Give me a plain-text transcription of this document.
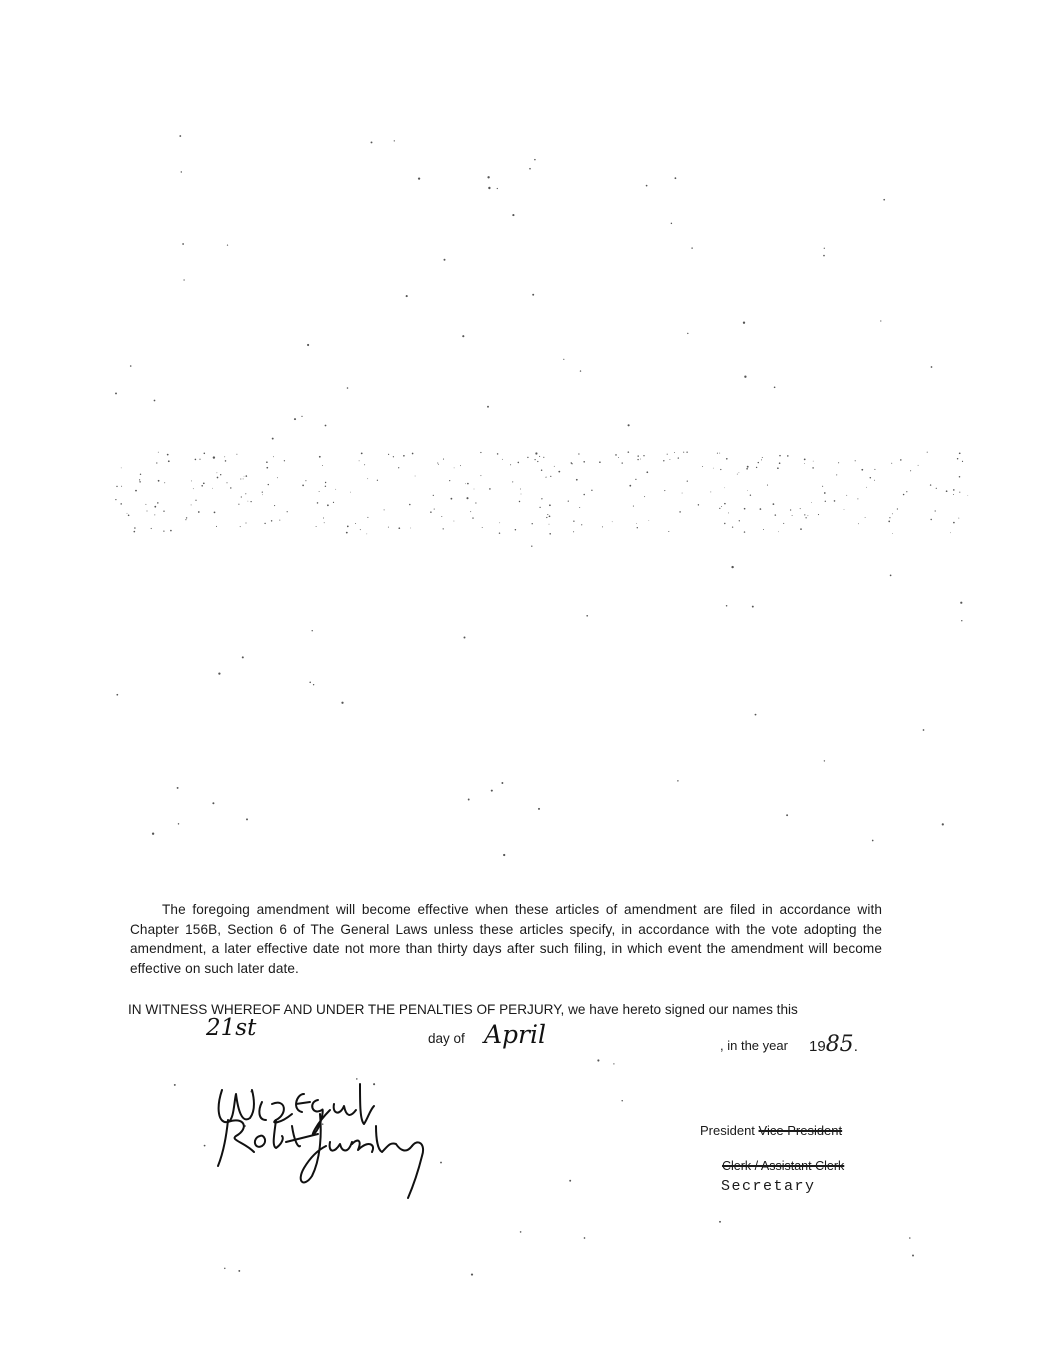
The foregoing amendment will become effective when these articles of amendment are filed in accordance with Chapter 156B, Section 6 of The General Laws unless these articles specify, in accordance with the vote adopting the amendment, a later effective date not more than thirty days after such filing, in which event the amendment will become effective on such later date.
IN WITNESS WHEREOF AND UNDER THE PENALTIES OF PERJURY, we have hereto signed our names this
21st	day of April	, in the year 1985.
President Vice President
Clerk / Assistant Clerk
Secretary
